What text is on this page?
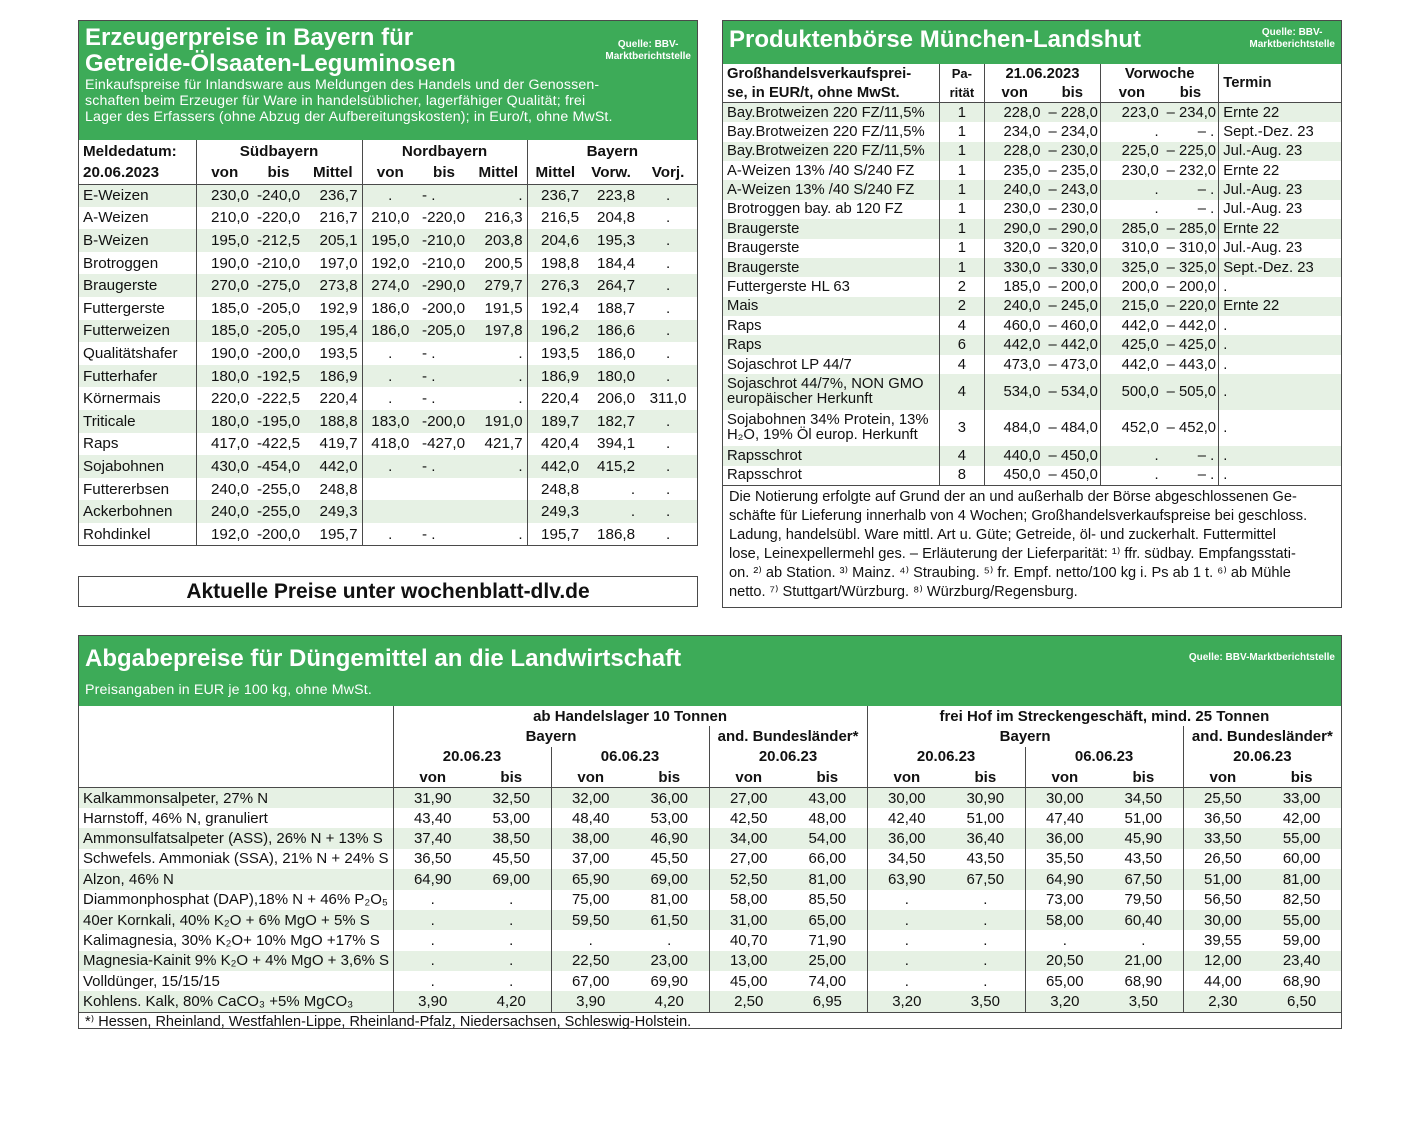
Erzeugerpreise in Bayern für
Getreide-Ölsaaten-Leguminosen
Quelle: BBV-
Marktberichtstelle
Einkaufspreise für Inlandsware aus Meldungen des Handels und der Genossen-
schaften beim Erzeuger für Ware in handelsüblicher, lagerfähiger Qualität; frei
Lager des Erfassers (ohne Abzug der Aufbereitungskosten); in Euro/t, ohne MwSt.
Meldedatum:	Südbayern			Nordbayern			Bayern		
20.06.2023	von	bis	Mittel	von	bis	Mittel	Mittel	Vorw.	Vorj.
E-Weizen	230,0	-240,0	236,7	.	- .	.	236,7	223,8	.
A-Weizen	210,0	-220,0	216,7	210,0	-220,0	216,3	216,5	204,8	.
B-Weizen	195,0	-212,5	205,1	195,0	-210,0	203,8	204,6	195,3	.
Brotroggen	190,0	-210,0	197,0	192,0	-210,0	200,5	198,8	184,4	.
Braugerste	270,0	-275,0	273,8	274,0	-290,0	279,7	276,3	264,7	.
Futtergerste	185,0	-205,0	192,9	186,0	-200,0	191,5	192,4	188,7	.
Futterweizen	185,0	-205,0	195,4	186,0	-205,0	197,8	196,2	186,6	.
Qualitätshafer	190,0	-200,0	193,5	.	- .	.	193,5	186,0	.
Futterhafer	180,0	-192,5	186,9	.	- .	.	186,9	180,0	.
Körnermais	220,0	-222,5	220,4	.	- .	.	220,4	206,0	311,0
Triticale	180,0	-195,0	188,8	183,0	-200,0	191,0	189,7	182,7	.
Raps	417,0	-422,5	419,7	418,0	-427,0	421,7	420,4	394,1	.
Sojabohnen	430,0	-454,0	442,0	.	- .	.	442,0	415,2	.
Futtererbsen	240,0	-255,0	248,8				248,8	.	.
Ackerbohnen	240,0	-255,0	249,3				249,3	.	.
Rohdinkel	192,0	-200,0	195,7	.	- .	.	195,7	186,8	.
Aktuelle Preise unter wochenblatt-dlv.de
Produktenbörse München-Landshut	Quelle: BBV-
Marktberichtstelle
Großhandelsverkaufsprei-	Pa-	21.06.2023		Vorwoche		Termin
se, in EUR/t, ohne MwSt.	rität	von	bis	von	bis	

Bay.Brotweizen 220 FZ/11,5%	1	228,0	– 228,0	223,0	– 234,0	Ernte 22

Bay.Brotweizen 220 FZ/11,5%	1	234,0	– 234,0	.	– .	Sept.-Dez. 23

Bay.Brotweizen 220 FZ/11,5%	1	228,0	– 230,0	225,0	– 225,0	Jul.-Aug. 23

A-Weizen 13% /40 S/240 FZ	1	235,0	– 235,0	230,0	– 232,0	Ernte 22

A-Weizen 13% /40 S/240 FZ	1	240,0	– 243,0	.	– .	Jul.-Aug. 23

Brotroggen bay. ab 120 FZ	1	230,0	– 230,0	.	– .	Jul.-Aug. 23

Braugerste	1	290,0	– 290,0	285,0	– 285,0	Ernte 22

Braugerste	1	320,0	– 320,0	310,0	– 310,0	Jul.-Aug. 23

Braugerste	1	330,0	– 330,0	325,0	– 325,0	Sept.-Dez. 23

Futtergerste HL 63	2	185,0	– 200,0	200,0	– 200,0	.

Mais	2	240,0	– 245,0	215,0	– 220,0	Ernte 22

Raps	4	460,0	– 460,0	442,0	– 442,0	.

Raps	6	442,0	– 442,0	425,0	– 425,0	.

Sojaschrot LP 44/7	4	473,0	– 473,0	442,0	– 443,0	.

Sojaschrot 44/7%, NON GMO
europäischer Herkunft	4	534,0	– 534,0	500,0	– 505,0	.

Sojabohnen 34% Protein, 13%
H₂O, 19% Öl europ. Herkunft	3	484,0	– 484,0	452,0	– 452,0	.

Rapsschrot	4	440,0	– 450,0	.	– .	.

Rapsschrot	8	450,0	– 450,0	.	– .	.
Die Notierung erfolgte auf Grund der an und außerhalb der Börse abgeschlossenen Ge-
schäfte für Lieferung innerhalb von 4 Wochen; Großhandelsverkaufspreise bei geschloss.
Ladung, handelsübl. Ware mittl. Art u. Güte; Getreide, öl- und zuckerhalt. Futtermittel
lose, Leinexpellermehl ges. – Erläuterung der Lieferparität: ¹⁾ ffr. südbay. Empfangsstati-
on. ²⁾ ab Station. ³⁾ Mainz. ⁴⁾ Straubing. ⁵⁾ fr. Empf. netto/100 kg i. Ps ab 1 t. ⁶⁾ ab Mühle
netto. ⁷⁾ Stuttgart/Würzburg. ⁸⁾ Würzburg/Regensburg.
Abgabepreise für Düngemittel an die Landwirtschaft	Quelle: BBV-Marktberichtstelle
Preisangaben in EUR je 100 kg, ohne MwSt.
	ab Handelslager 10 Tonnen						frei Hof im Streckengeschäft, mind. 25 Tonnen					
	Bayern				and. Bundesländer*		Bayern				and. Bundesländer*	
	20.06.23		06.06.23		20.06.23		20.06.23		06.06.23		20.06.23	
	von	bis	von	bis	von	bis	von	bis	von	bis	von	bis
Kalkammonsalpeter, 27% N	31,90	32,50	32,00	36,00	27,00	43,00	30,00	30,90	30,00	34,50	25,50	33,00
Harnstoff, 46% N, granuliert	43,40	53,00	48,40	53,00	42,50	48,00	42,40	51,00	47,40	51,00	36,50	42,00
Ammonsulfatsalpeter (ASS), 26% N + 13% S	37,40	38,50	38,00	46,90	34,00	54,00	36,00	36,40	36,00	45,90	33,50	55,00
Schwefels. Ammoniak (SSA), 21% N + 24% S	36,50	45,50	37,00	45,50	27,00	66,00	34,50	43,50	35,50	43,50	26,50	60,00
Alzon, 46% N	64,90	69,00	65,90	69,00	52,50	81,00	63,90	67,50	64,90	67,50	51,00	81,00
Diammonphosphat (DAP),18% N + 46% P₂O₅	.	.	75,00	81,00	58,00	85,50	.	.	73,00	79,50	56,50	82,50
40er Kornkali, 40% K₂O + 6% MgO + 5% S	.	.	59,50	61,50	31,00	65,00	.	.	58,00	60,40	30,00	55,00
Kalimagnesia, 30% K₂O+ 10% MgO +17% S	.	.	.	.	40,70	71,90	.	.	.	.	39,55	59,00
Magnesia-Kainit 9% K₂O + 4% MgO + 3,6% S	.	.	22,50	23,00	13,00	25,00	.	.	20,50	21,00	12,00	23,40
Volldünger, 15/15/15	.	.	67,00	69,90	45,00	74,00	.	.	65,00	68,90	44,00	68,90
Kohlens. Kalk, 80% CaCO₃ +5% MgCO₃	3,90	4,20	3,90	4,20	2,50	6,95	3,20	3,50	3,20	3,50	2,30	6,50
*⁾ Hessen, Rheinland, Westfahlen-Lippe, Rheinland-Pfalz, Niedersachsen, Schleswig-Holstein.
